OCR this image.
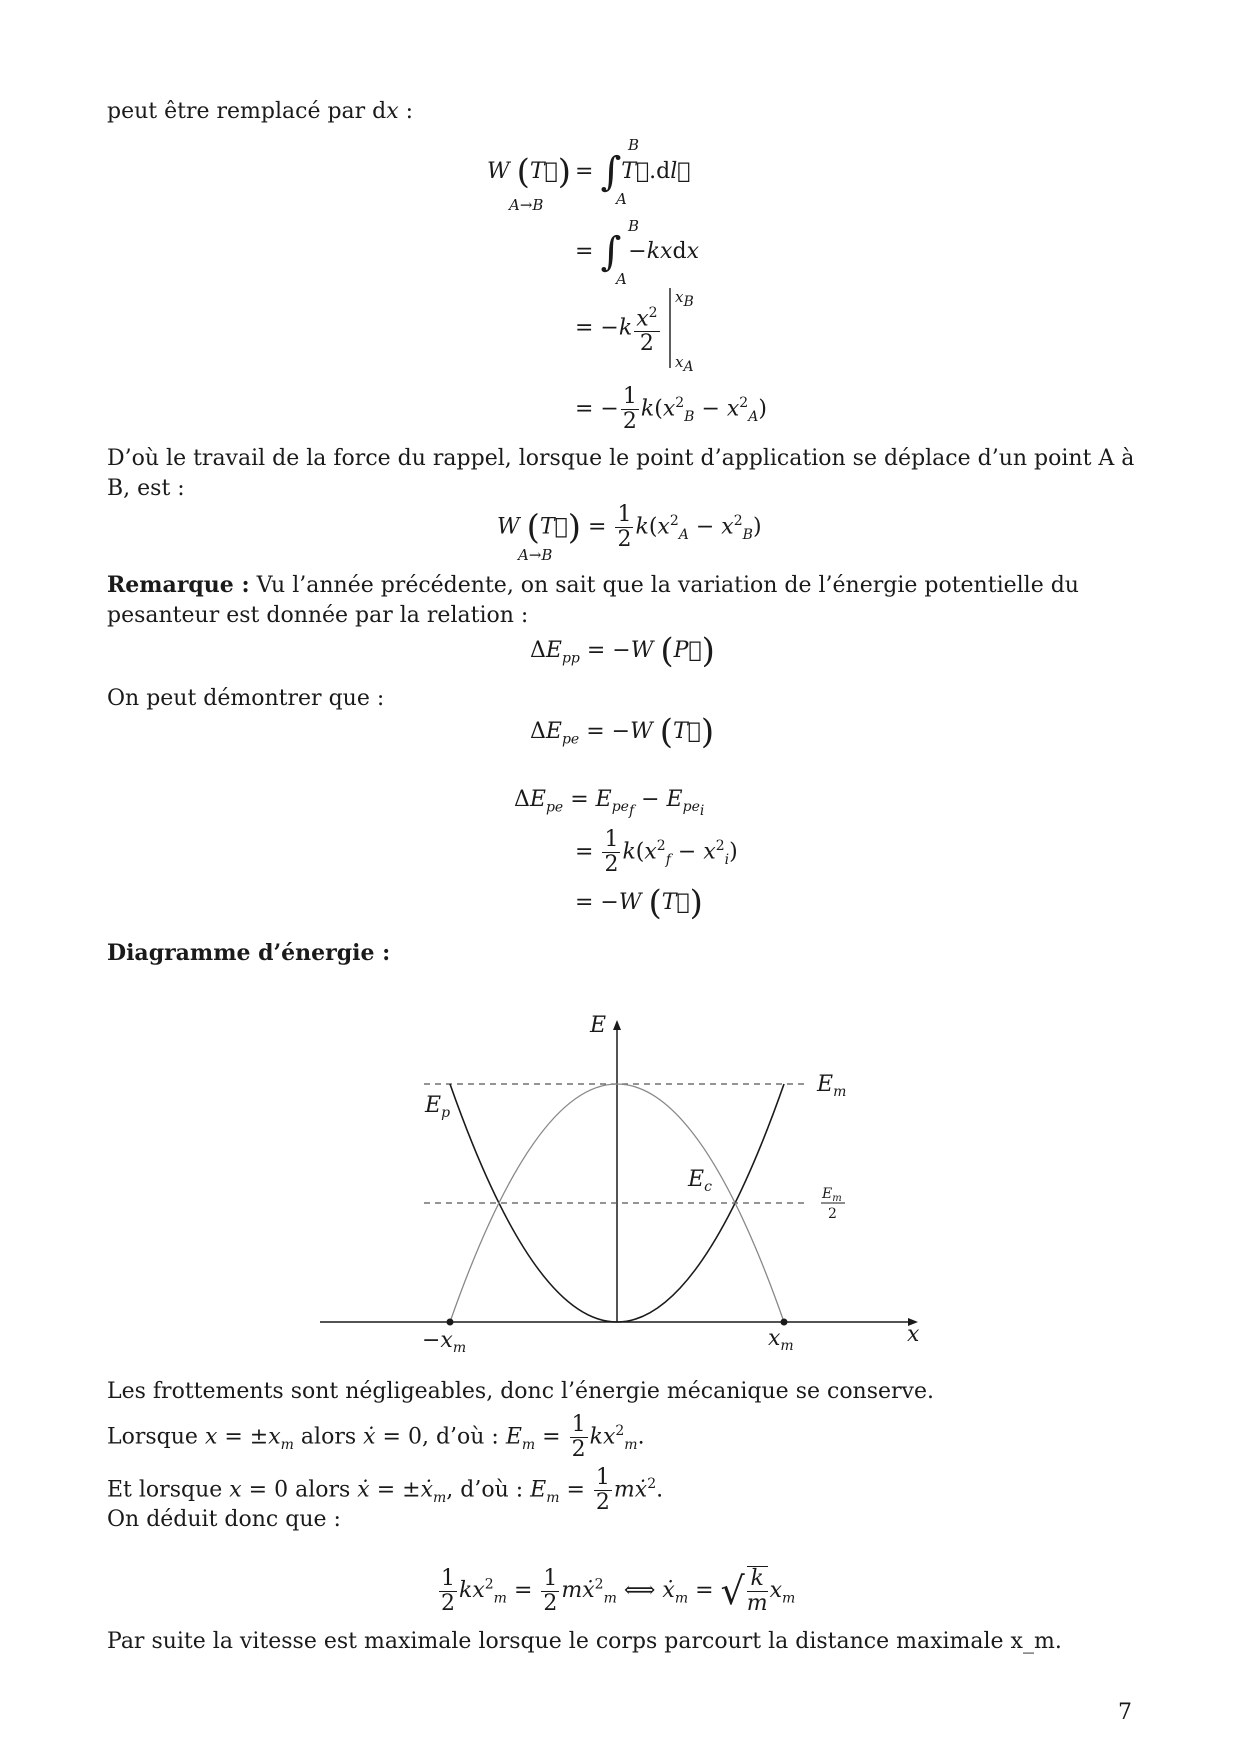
peut être remplacé par dx :
W (T⃗)
A→B
= ∫T⃗.dl⃗
B
A
= ∫ −kxdx
B
A
= $-k \frac{x^2}{2}$
$x_B$
$x_A$
= − $\frac{1}{2} k(x^2_B - x^2_A)$
D’où le travail de la force du rappel, lorsque le point d’application se déplace d’un point A à B, est :
W (T⃗) = $\frac{1}{2} k(x^2_A - x^2_B)$
A→B
Remarque : Vu l’année précédente, on sait que la variation de l’énergie potentielle du pesanteur est donnée par la relation :
$\Delta E_{pp} = -W$ (P⃗)
On peut démontrer que :
$\Delta E_{pe} = -W$ (T⃗)
$\Delta E_{pe} = E_{pe_f} - E_{pe_i}$
= $\frac{1}{2} k(x^2_f - x^2_i)$
= −W (T⃗)
Diagramme d’énergie :
E
x
$E_m$
$E_m$
2
$E_p$
$E_c$
$-x_m$	$x_m$
Les frottements sont négligeables, donc l’énergie mécanique se conserve.
Lorsque $x = \pm x_m$ alors ẋ = 0, d’où : $E_m = \frac{1}{2} kx^2_m$.
Et lorsque x = 0 alors ẋ = ±ẋ$_m$, d’où : $E_m = \frac{1}{2}$ mẋ$^2$.
On déduit donc que :
$\frac{1}{2} kx^2_m = \frac{1}{2}$ mẋ$^2_m$ ⟺ ẋ$_m$ = √ $\frac{k}{m} x_m$
Par suite la vitesse est maximale lorsque le corps parcourt la distance maximale x_m.
7
